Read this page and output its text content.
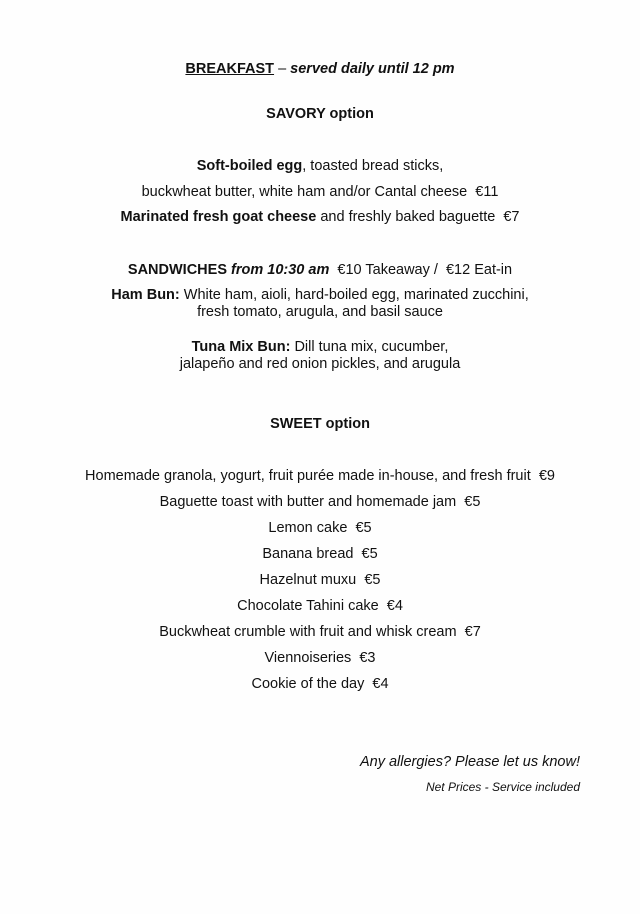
BREAKFAST – served daily until 12 pm
SAVORY option
Soft-boiled egg, toasted bread sticks,
buckwheat butter, white ham and/or Cantal cheese €11
Marinated fresh goat cheese and freshly baked baguette €7
SANDWICHES from 10:30 am €10 Takeaway / €12 Eat-in
Ham Bun: White ham, aioli, hard-boiled egg, marinated zucchini,
fresh tomato, arugula, and basil sauce
Tuna Mix Bun: Dill tuna mix, cucumber,
jalapeño and red onion pickles, and arugula
SWEET option
Homemade granola, yogurt, fruit purée made in-house, and fresh fruit €9
Baguette toast with butter and homemade jam €5
Lemon cake €5
Banana bread €5
Hazelnut muxu €5
Chocolate Tahini cake €4
Buckwheat crumble with fruit and whisk cream €7
Viennoiseries €3
Cookie of the day €4
Any allergies? Please let us know!
Net Prices - Service included
